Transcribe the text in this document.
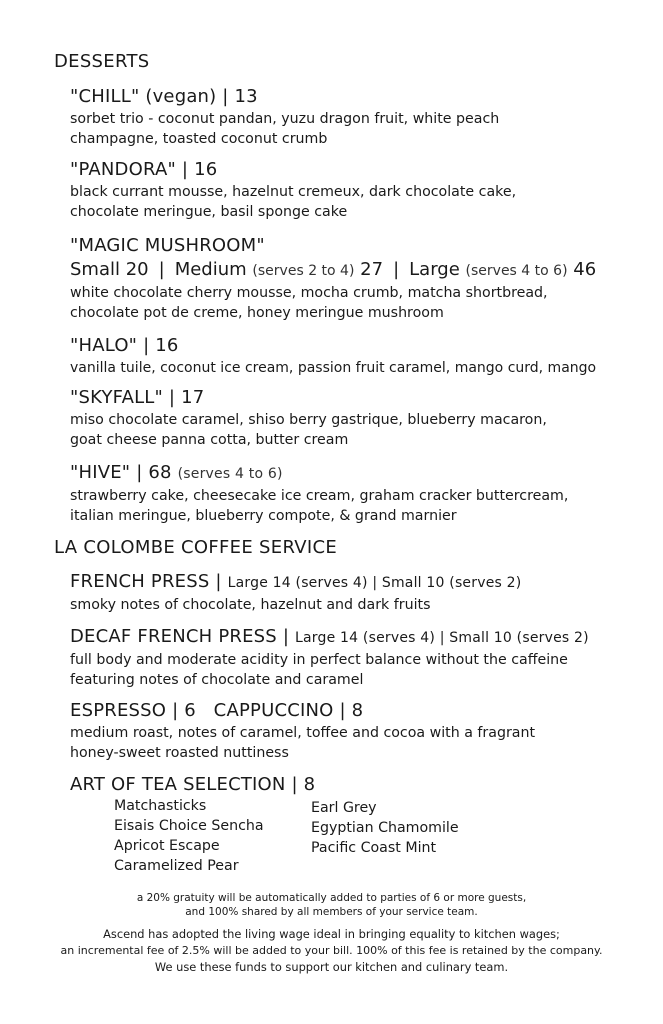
DESSERTS
"CHILL" (vegan) | 13
sorbet trio - coconut pandan, yuzu dragon fruit, white peach
champagne, toasted coconut crumb
"PANDORA" | 16
black currant mousse, hazelnut cremeux, dark chocolate cake,
chocolate meringue, basil sponge cake
"MAGIC MUSHROOM"
Small 20 | Medium (serves 2 to 4) 27 | Large (serves 4 to 6) 46
white chocolate cherry mousse, mocha crumb, matcha shortbread,
chocolate pot de creme, honey meringue mushroom
"HALO" | 16
vanilla tuile, coconut ice cream, passion fruit caramel, mango curd, mango
"SKYFALL" | 17
miso chocolate caramel, shiso berry gastrique, blueberry macaron,
goat cheese panna cotta, butter cream
"HIVE" | 68 (serves 4 to 6)
strawberry cake, cheesecake ice cream, graham cracker buttercream,
italian meringue, blueberry compote, & grand marnier
LA COLOMBE COFFEE SERVICE
FRENCH PRESS | Large 14 (serves 4) | Small 10 (serves 2)
smoky notes of chocolate, hazelnut and dark fruits
DECAF FRENCH PRESS | Large 14 (serves 4) | Small 10 (serves 2)
full body and moderate acidity in perfect balance without the caffeine
featuring notes of chocolate and caramel
ESPRESSO | 6   CAPPUCCINO | 8
medium roast, notes of caramel, toffee and cocoa with a fragrant
honey-sweet roasted nuttiness
ART OF TEA SELECTION | 8
Matchasticks
Eisais Choice Sencha
Apricot Escape
Caramelized Pear
Earl Grey
Egyptian Chamomile
Pacific Coast Mint
a 20% gratuity will be automatically added to parties of 6 or more guests,
and 100% shared by all members of your service team.
Ascend has adopted the living wage ideal in bringing equality to kitchen wages;
an incremental fee of 2.5% will be added to your bill. 100% of this fee is retained by the company.
We use these funds to support our kitchen and culinary team.
